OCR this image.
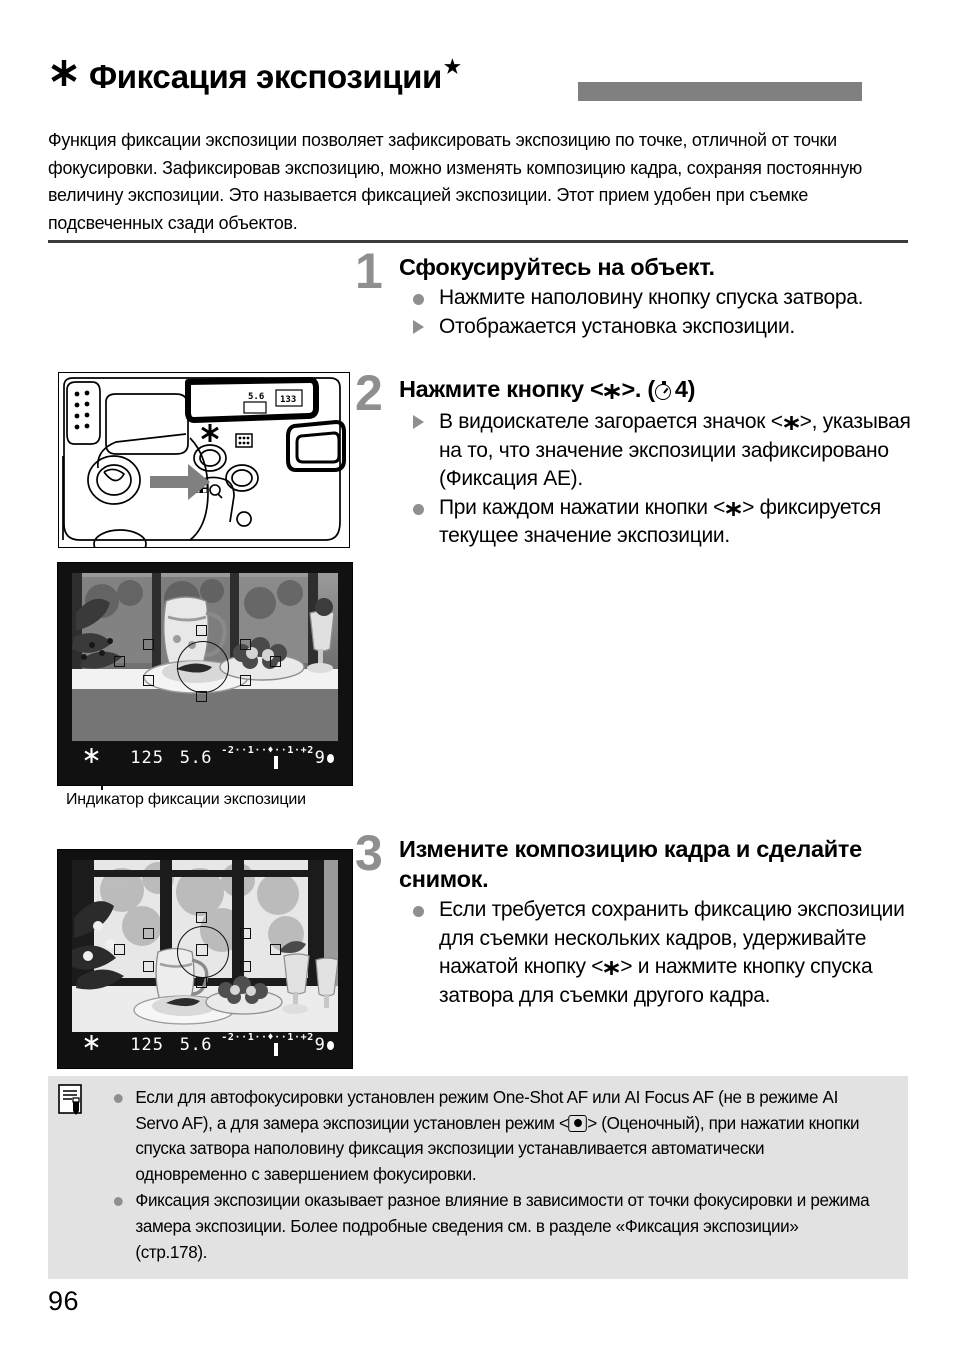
Фиксация экспозиции ★
Функция фиксации экспозиции позволяет зафиксировать экспозицию по точке, отличной от точки фокусировки. Зафиксировав экспозицию, можно изменять композицию кадра, сохраняя постоянную величину экспозиции. Это называется фиксацией экспозиции. Этот прием удобен при съемке подсвеченных сзади объектов.
5.6 133
125 5.6 -2··1··♦··1·+2 9
Индикатор фиксации экспозиции
125 5.6 -2··1··♦··1·+2 9
1 Сфокусируйтесь на объект.
Нажмите наполовину кнопку спуска затвора.
Отображается установка экспозиции.
2 Нажмите кнопку < >. ( 4)
В видоискателе загорается значок < >, указывая на то, что значение экспозиции зафиксировано (Фиксация AE).
При каждом нажатии кнопки < > фиксируется текущее значение экспозиции.
3 Измените композицию кадра и сделайте снимок.
Если требуется сохранить фиксацию экспозиции для съемки нескольких кадров, удерживайте нажатой кнопку < > и нажмите кнопку спуска затвора для съемки другого кадра.
Если для автофокусировки установлен режим One-Shot AF или AI Focus AF (не в режиме AI Servo AF), а для замера экспозиции установлен режим < > (Оценочный), при нажатии кнопки спуска затвора наполовину фиксация экспозиции устанавливается автоматически одновременно с завершением фокусировки.
Фиксация экспозиции оказывает разное влияние в зависимости от точки фокусировки и режима замера экспозиции. Более подробные сведения см. в разделе «Фиксация экспозиции» (стр.178).
96
